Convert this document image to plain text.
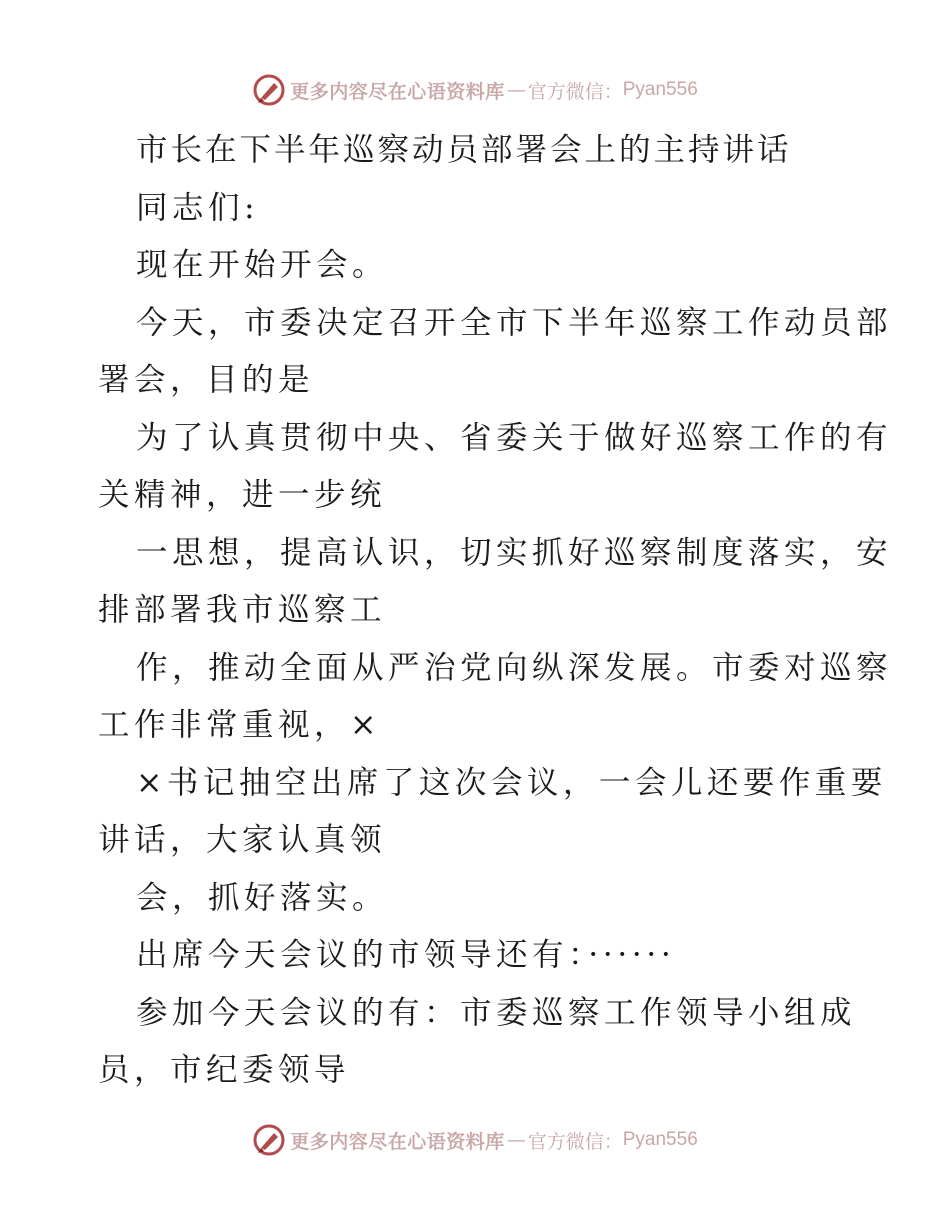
更多内容尽在心语资料库 — 官方微信： Pyan556
市长在下半年巡察动员部署会上的主持讲话
同志们:
现在开始开会。
今天，市委决定召开全市下半年巡察工作动员部
署会，目的是
为了认真贯彻中央、省委关于做好巡察工作的有
关精神，进一步统
一思想，提高认识，切实抓好巡察制度落实，安
排部署我市巡察工
作，推动全面从严治党向纵深发展。市委对巡察
工作非常重视，×
×书记抽空出席了这次会议，一会儿还要作重要
讲话，大家认真领
会，抓好落实。
出席今天会议的市领导还有：······
参加今天会议的有：市委巡察工作领导小组成
员，市纪委领导
更多内容尽在心语资料库 — 官方微信： Pyan556
